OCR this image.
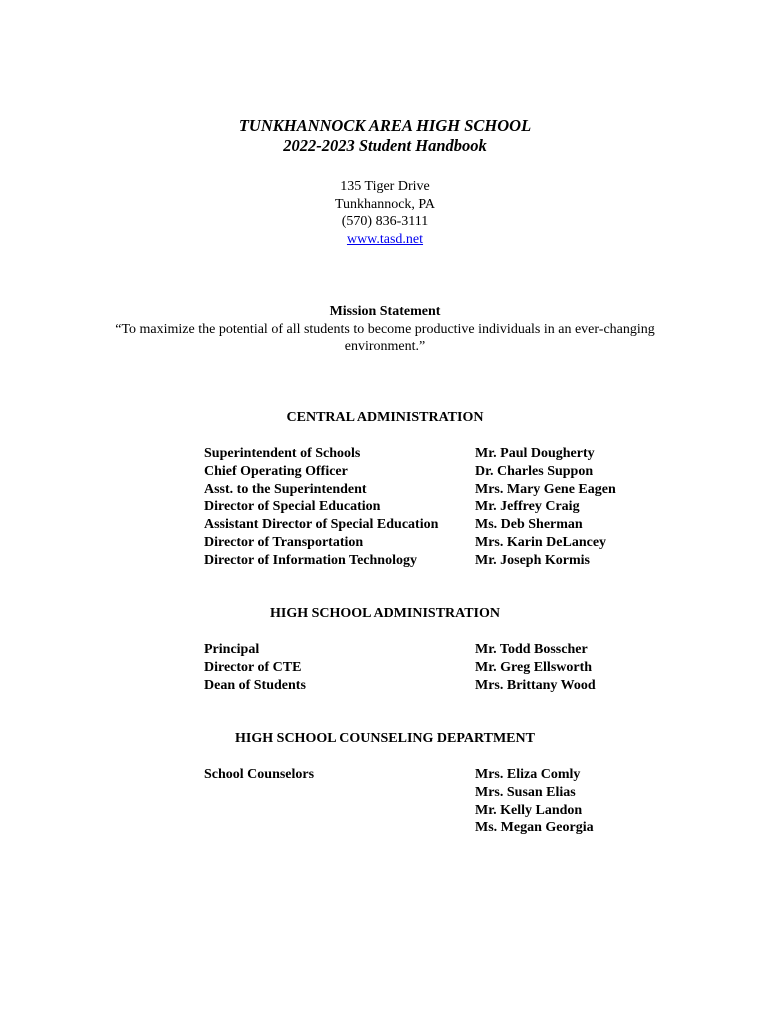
TUNKHANNOCK AREA HIGH SCHOOL
2022-2023 Student Handbook
135 Tiger Drive
Tunkhannock, PA
(570) 836-3111
www.tasd.net
Mission Statement
“To maximize the potential of all students to become productive individuals in an ever-changing environment.”
CENTRAL ADMINISTRATION
Superintendent of Schools	Mr. Paul Dougherty
Chief Operating Officer	Dr. Charles Suppon
Asst. to the Superintendent	Mrs. Mary Gene Eagen
Director of Special Education	Mr. Jeffrey Craig
Assistant Director of Special Education	Ms. Deb Sherman
Director of Transportation	Mrs. Karin DeLancey
Director of Information Technology	Mr. Joseph Kormis
HIGH SCHOOL ADMINISTRATION
Principal	Mr. Todd Bosscher
Director of CTE	Mr. Greg Ellsworth
Dean of Students	Mrs. Brittany Wood
HIGH SCHOOL COUNSELING DEPARTMENT
School Counselors	Mrs. Eliza Comly
Mrs. Susan Elias
Mr. Kelly Landon
Ms. Megan Georgia
